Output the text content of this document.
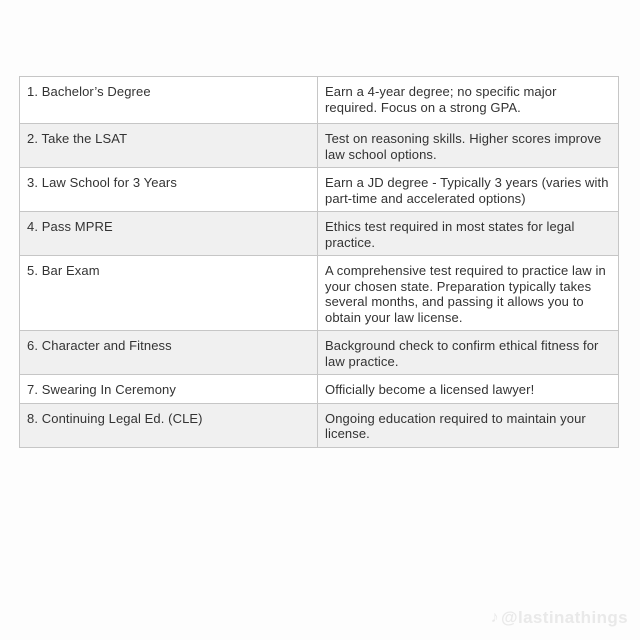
1. Bachelor’s Degree	Earn a 4-year degree; no specific major required. Focus on a strong GPA.
2. Take the LSAT	Test on reasoning skills. Higher scores improve law school options.
3. Law School for 3 Years	Earn a JD degree - Typically 3 years (varies with part-time and accelerated options)
4. Pass MPRE	Ethics test required in most states for legal practice.
5. Bar Exam	A comprehensive test required to practice law in your chosen state. Preparation typically takes several months, and passing it allows you to obtain your law license.
6. Character and Fitness	Background check to confirm ethical fitness for law practice.
7. Swearing In Ceremony	Officially become a licensed lawyer!
8. Continuing Legal Ed. (CLE)	Ongoing education required to maintain your license.
♪ @lastinathings
